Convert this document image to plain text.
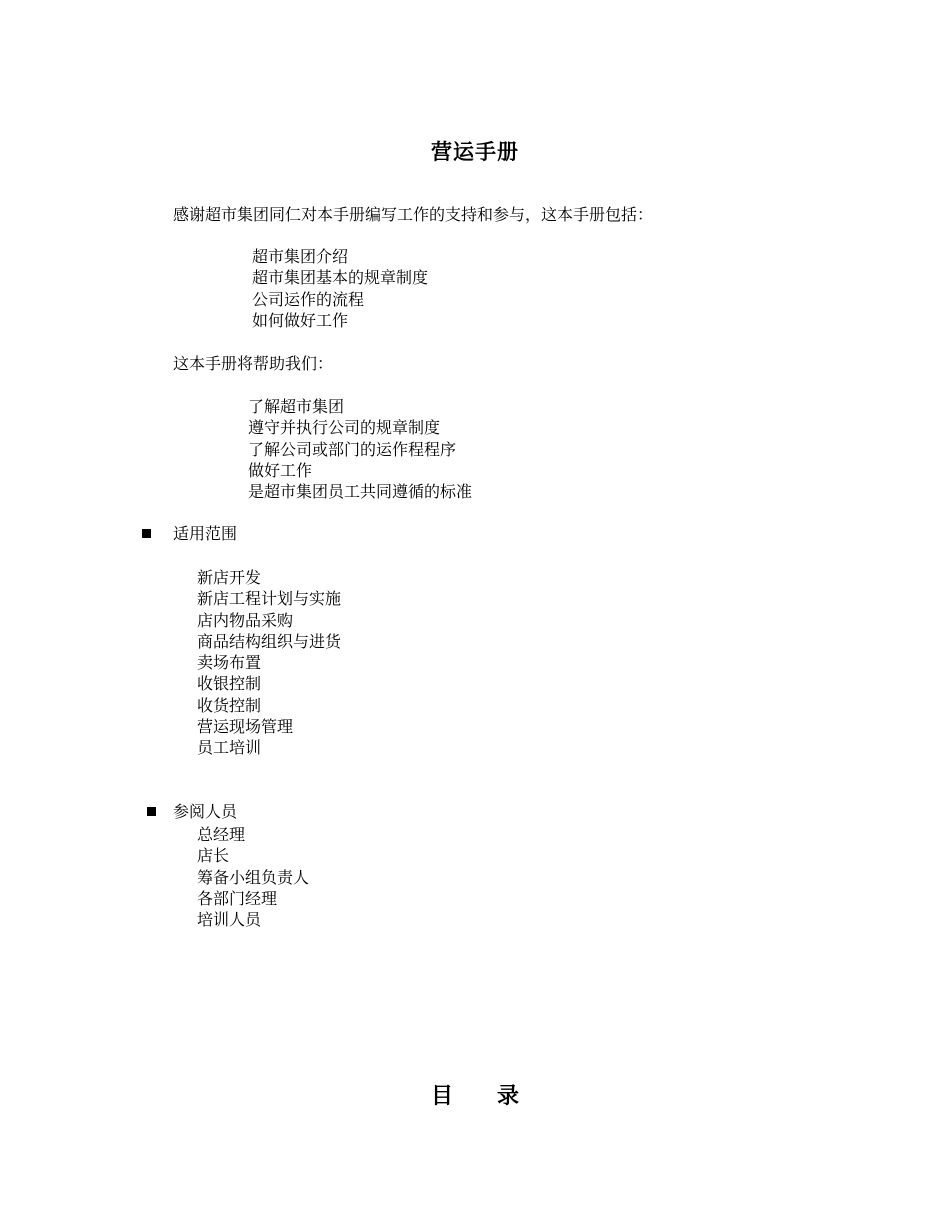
营运手册
感谢超市集团同仁对本手册编写工作的支持和参与，这本手册包括：
超市集团介绍
超市集团基本的规章制度
公司运作的流程
如何做好工作
这本手册将帮助我们：
了解超市集团
遵守并执行公司的规章制度
了解公司或部门的运作程程序
做好工作
是超市集团员工共同遵循的标准
适用范围
新店开发
新店工程计划与实施
店内物品采购
商品结构组织与进货
卖场布置
收银控制
收货控制
营运现场管理
员工培训
参阅人员
总经理
店长
筹备小组负责人
各部门经理
培训人员
目 录
